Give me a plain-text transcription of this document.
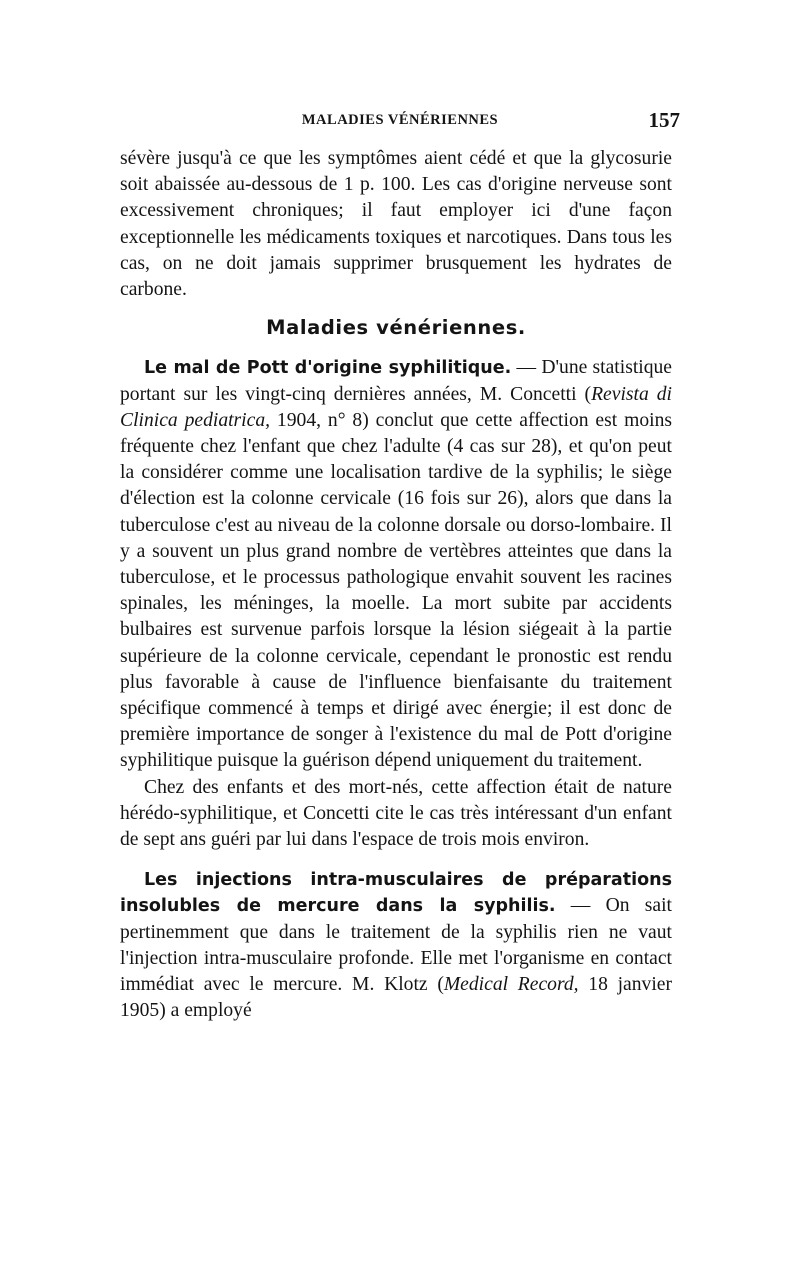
MALADIES VÉNÉRIENNES	157

sévère jusqu'à ce que les symptômes aient cédé et que la glycosurie soit abaissée au-dessous de 1 p. 100. Les cas d'origine nerveuse sont excessivement chroniques; il faut employer ici d'une façon exceptionnelle les médicaments toxiques et narcotiques. Dans tous les cas, on ne doit jamais supprimer brusquement les hydrates de carbone.

Maladies vénériennes.

Le mal de Pott d'origine syphilitique. — D'une statistique portant sur les vingt-cinq dernières années, M. Concetti (Revista di Clinica pediatrica, 1904, n° 8) conclut que cette affection est moins fréquente chez l'enfant que chez l'adulte (4 cas sur 28), et qu'on peut la considérer comme une localisation tardive de la syphilis; le siège d'élection est la colonne cervicale (16 fois sur 26), alors que dans la tuberculose c'est au niveau de la colonne dorsale ou dorso-lombaire. Il y a souvent un plus grand nombre de vertèbres atteintes que dans la tuberculose, et le processus pathologique envahit souvent les racines spinales, les méninges, la moelle. La mort subite par accidents bulbaires est survenue parfois lorsque la lésion siégeait à la partie supérieure de la colonne cervicale, cependant le pronostic est rendu plus favorable à cause de l'influence bienfaisante du traitement spécifique commencé à temps et dirigé avec énergie; il est donc de première importance de songer à l'existence du mal de Pott d'origine syphilitique puisque la guérison dépend uniquement du traitement.

Chez des enfants et des mort-nés, cette affection était de nature hérédo-syphilitique, et Concetti cite le cas très intéressant d'un enfant de sept ans guéri par lui dans l'espace de trois mois environ.

Les injections intra-musculaires de préparations insolubles de mercure dans la syphilis. — On sait pertinemment que dans le traitement de la syphilis rien ne vaut l'injection intra-musculaire profonde. Elle met l'organisme en contact immédiat avec le mercure. M. Klotz (Medical Record, 18 janvier 1905) a employé
